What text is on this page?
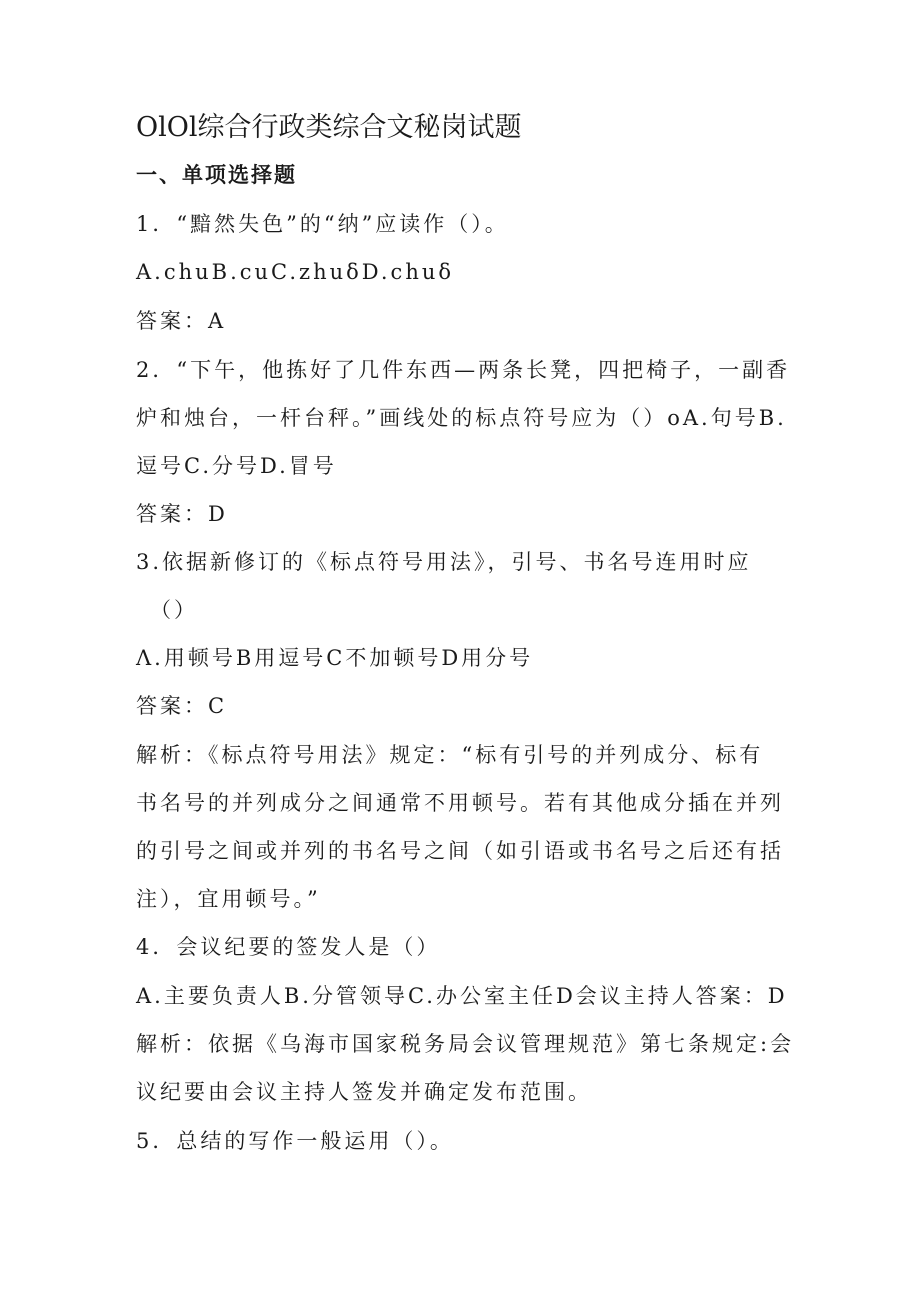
OlOl综合行政类综合文秘岗试题
一、单项选择题
1．“黯然失色”的“纳”应读作（）。
A.chuB.cuC.zhuδD.chuδ
答案：A
2．“下午，他拣好了几件东西—两条长凳，四把椅子，一副香
炉和烛台，一杆台秤。”画线处的标点符号应为（）oA.句号B.
逗号C.分号D.冒号
答案：D
3.依据新修订的《标点符号用法》，引号、书名号连用时应
（）
Λ.用顿号B用逗号C不加顿号D用分号
答案：C
解析：《标点符号用法》规定：“标有引号的并列成分、标有
书名号的并列成分之间通常不用顿号。若有其他成分插在并列
的引号之间或并列的书名号之间（如引语或书名号之后还有括
注），宜用顿号。”
4．会议纪要的签发人是（）
A.主要负责人B.分管领导C.办公室主任D会议主持人答案：D
解析：依据《乌海市国家税务局会议管理规范》第七条规定:会
议纪要由会议主持人签发并确定发布范围。
5．总结的写作一般运用（）。
